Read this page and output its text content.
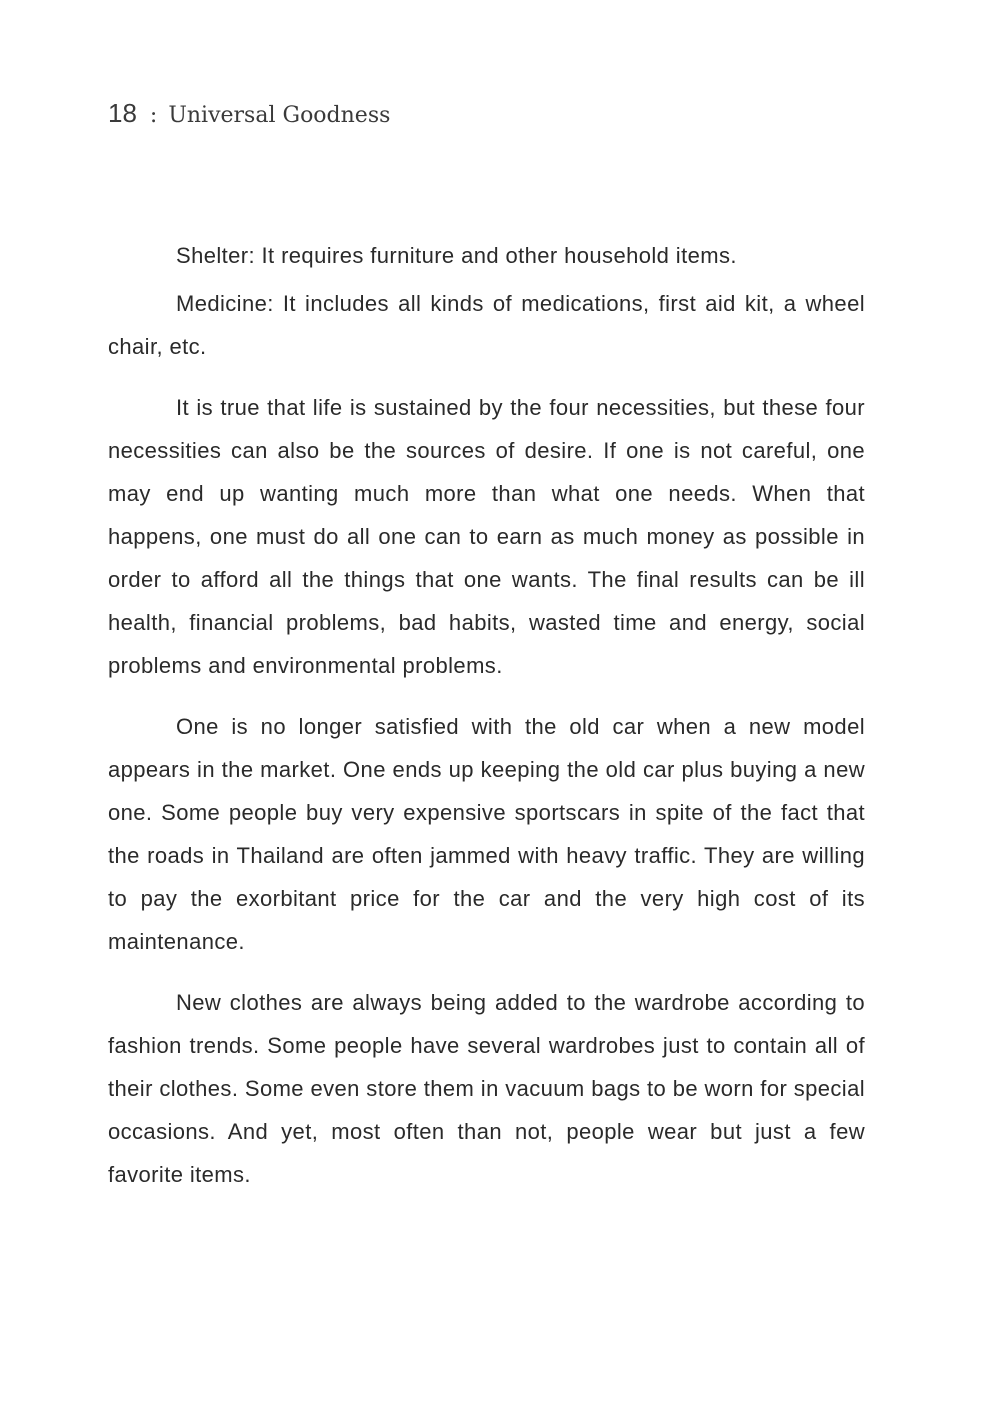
18 : Universal Goodness

Shelter: It requires furniture and other household items.

Medicine: It includes all kinds of medications, first aid kit, a wheel chair, etc.

It is true that life is sustained by the four necessities, but these four necessities can also be the sources of desire. If one is not careful, one may end up wanting much more than what one needs. When that happens, one must do all one can to earn as much money as possible in order to afford all the things that one wants. The final results can be ill health, financial problems, bad habits, wasted time and energy, social problems and environmental problems.

One is no longer satisfied with the old car when a new model appears in the market. One ends up keeping the old car plus buying a new one. Some people buy very expensive sportscars in spite of the fact that the roads in Thailand are often jammed with heavy traffic. They are willing to pay the exorbitant price for the car and the very high cost of its maintenance.

New clothes are always being added to the wardrobe according to fashion trends. Some people have several wardrobes just to contain all of their clothes. Some even store them in vacuum bags to be worn for special occasions. And yet, most often than not, people wear but just a few favorite items.
